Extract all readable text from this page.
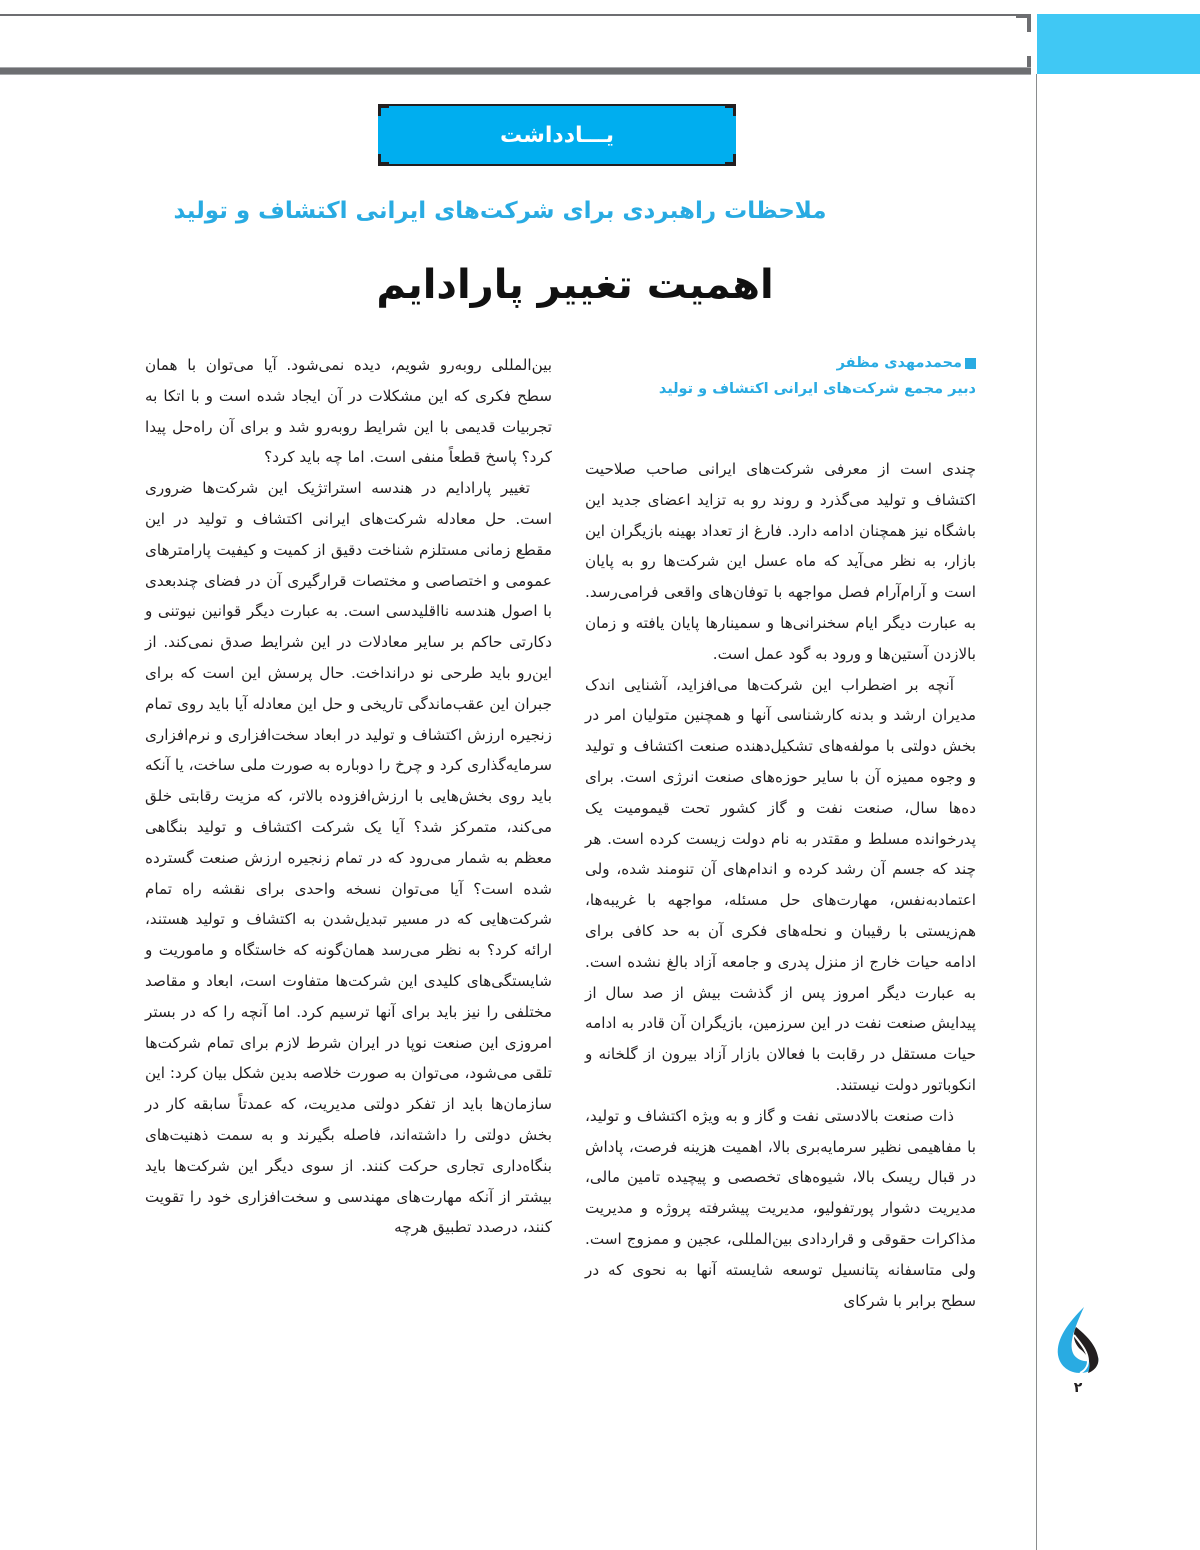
یـــادداشت
ملاحظات راهبردی برای شرکت‌های ایرانی اکتشاف و تولید
اهمیت تغییر پارادایم
محمدمهدی مظفر
دبیر مجمع شرکت‌های ایرانی اکتشاف و تولید

چندی است از معرفی شرکت‌های ایرانی صاحب صلاحیت اکتشاف و تولید می‌گذرد و روند رو به تزاید اعضای جدید این باشگاه نیز همچنان ادامه دارد. فارغ از تعداد بهینه بازیگران این بازار، به نظر می‌آید که ماه عسل این شرکت‌ها رو به پایان است و آرام‌آرام فصل مواجهه با توفان‌های واقعی فرامی‌رسد. به عبارت دیگر ایام سخنرانی‌ها و سمینارها پایان یافته و زمان بالازدن آستین‌ها و ورود به گود عمل است.

آنچه بر اضطراب این شرکت‌ها می‌افزاید، آشنایی اندک مدیران ارشد و بدنه کارشناسی آنها و همچنین متولیان امر در بخش دولتی با مولفه‌های تشکیل‌دهنده صنعت اکتشاف و تولید و وجوه ممیزه آن با سایر حوزه‌های صنعت انرژی است. برای ده‌ها سال، صنعت نفت و گاز کشور تحت قیمومیت یک پدرخوانده مسلط و مقتدر به نام دولت زیست کرده است. هر چند که جسم آن رشد کرده و اندام‌های آن تنومند شده، ولی اعتمادبه‌نفس، مهارت‌های حل مسئله، مواجهه با غریبه‌ها، هم‌زیستی با رقیبان و نحله‌های فکری آن به حد کافی برای ادامه حیات خارج از منزل پدری و جامعه آزاد بالغ نشده است. به عبارت دیگر امروز پس از گذشت بیش از صد سال از پیدایش صنعت نفت در این سرزمین، بازیگران آن قادر به ادامه حیات مستقل در رقابت با فعالان بازار آزاد بیرون از گلخانه و انکوباتور دولت نیستند.

ذات صنعت بالادستی نفت و گاز و به ویژه اکتشاف و تولید، با مفاهیمی نظیر سرمایه‌بری بالا، اهمیت هزینه فرصت، پاداش در قبال ریسک بالا، شیوه‌های تخصصی و پیچیده تامین مالی، مدیریت دشوار پورتفولیو، مدیریت پیشرفته پروژه و مدیریت مذاکرات حقوقی و قراردادی بین‌المللی، عجین و ممزوج است. ولی متاسفانه پتانسیل توسعه شایسته آنها به نحوی که در سطح برابر با شرکای

بین‌المللی روبه‌رو شویم، دیده نمی‌شود. آیا می‌توان با همان سطح فکری که این مشکلات در آن ایجاد شده است و با اتکا به تجربیات قدیمی با این شرایط روبه‌رو شد و برای آن راه‌حل پیدا کرد؟ پاسخ قطعاً منفی است. اما چه باید کرد؟

تغییر پارادایم در هندسه استراتژیک این شرکت‌ها ضروری است. حل معادله شرکت‌های ایرانی اکتشاف و تولید در این مقطع زمانی مستلزم شناخت دقیق از کمیت و کیفیت پارامترهای عمومی و اختصاصی و مختصات قرارگیری آن در فضای چندبعدی با اصول هندسه نااقلیدسی است. به عبارت دیگر قوانین نیوتنی و دکارتی حاکم بر سایر معادلات در این شرایط صدق نمی‌کند. از این‌رو باید طرحی نو درانداخت. حال پرسش این است که برای جبران این عقب‌ماندگی تاریخی و حل این معادله آیا باید روی تمام زنجیره ارزش اکتشاف و تولید در ابعاد سخت‌افزاری و نرم‌افزاری سرمایه‌گذاری کرد و چرخ را دوباره به صورت ملی ساخت، یا آنکه باید روی بخش‌هایی با ارزش‌افزوده بالاتر، که مزیت رقابتی خلق می‌کند، متمرکز شد؟ آیا یک شرکت اکتشاف و تولید بنگاهی معظم به شمار می‌رود که در تمام زنجیره ارزش صنعت گسترده شده است؟ آیا می‌توان نسخه واحدی برای نقشه راه تمام شرکت‌هایی که در مسیر تبدیل‌شدن به اکتشاف و تولید هستند، ارائه کرد؟ به نظر می‌رسد همان‌گونه که خاستگاه و ماموریت و شایستگی‌های کلیدی این شرکت‌ها متفاوت است، ابعاد و مقاصد مختلفی را نیز باید برای آنها ترسیم کرد. اما آنچه را که در بستر امروزی این صنعت نوپا در ایران شرط لازم برای تمام شرکت‌ها تلقی می‌شود، می‌توان به صورت خلاصه بدین شکل بیان کرد: این سازمان‌ها باید از تفکر دولتی مدیریت، که عمدتاً سابقه کار در بخش دولتی را داشته‌اند، فاصله بگیرند و به سمت ذهنیت‌های بنگاه‌داری تجاری حرکت کنند. از سوی دیگر این شرکت‌ها باید بیشتر از آنکه مهارت‌های مهندسی و سخت‌افزاری خود را تقویت کنند، درصدد تطبیق هرچه

۲
